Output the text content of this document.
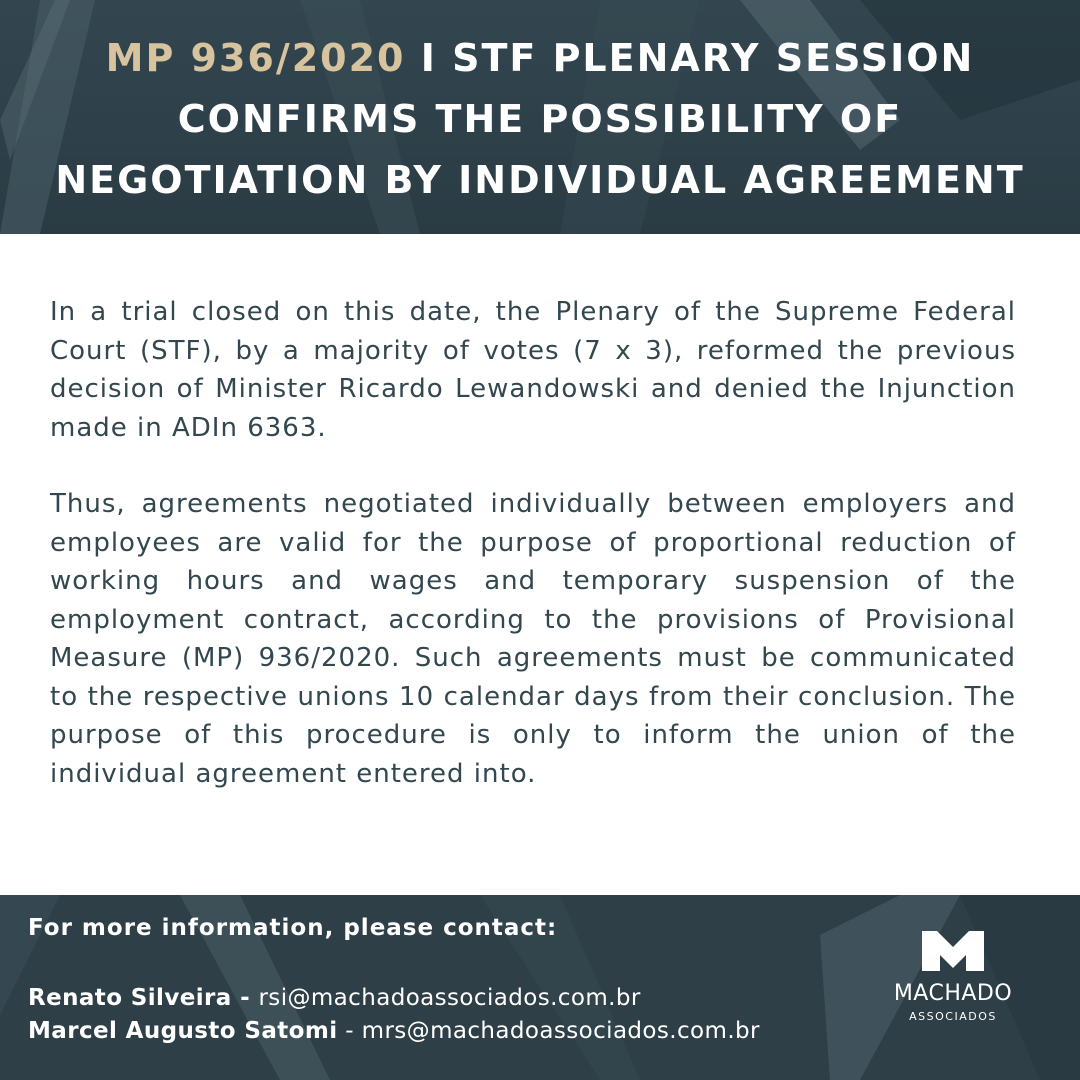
MP 936/2020 I STF PLENARY SESSION CONFIRMS THE POSSIBILITY OF NEGOTIATION BY INDIVIDUAL AGREEMENT

In a trial closed on this date, the Plenary of the Supreme Federal Court (STF), by a majority of votes (7 x 3), reformed the previous decision of Minister Ricardo Lewandowski and denied the Injunction made in ADIn 6363.

Thus, agreements negotiated individually between employers and employees are valid for the purpose of proportional reduction of working hours and wages and temporary suspension of the employment contract, according to the provisions of Provisional Measure (MP) 936/2020. Such agreements must be communicated to the respective unions 10 calendar days from their conclusion. The purpose of this procedure is only to inform the union of the individual agreement entered into.

For more information, please contact:
Renato Silveira - rsi@machadoassociados.com.br
Marcel Augusto Satomi - mrs@machadoassociados.com.br
MACHADO
ASSOCIADOS
